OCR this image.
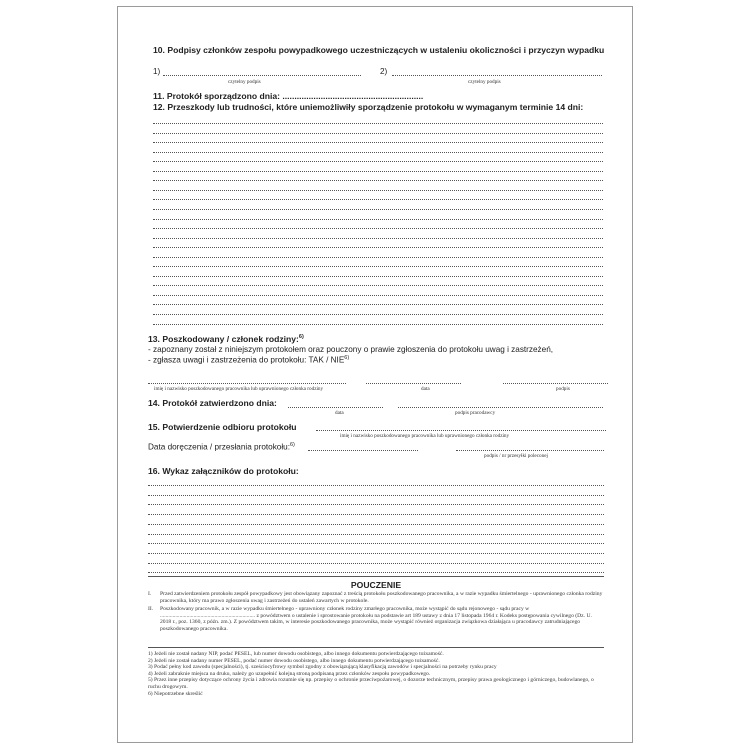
10. Podpisy członków zespołu powypadkowego uczestniczących w ustaleniu okoliczności i przyczyn wypadku
1)
czytelny podpis
2)
czytelny podpis
11. Protokół sporządzono dnia: ...........................................................
12. Przeszkody lub trudności, które uniemożliwiły sporządzenie protokołu w wymaganym terminie 14 dni:
13. Poszkodowany / członek rodziny:$^{6)}$
- zapoznany został z niniejszym protokołem oraz pouczony o prawie zgłoszenia do protokołu uwag i zastrzeżeń,
- zgłasza uwagi i zastrzeżenia do protokołu: TAK / NIE$^{6)}$
imię i nazwisko poszkodowanego pracownika lub uprawnionego członka rodziny	data	podpis
14. Protokół zatwierdzono dnia:
data	podpis pracodawcy
15. Potwierdzenie odbioru protokołu
imię i nazwisko poszkodowanego pracownika lub uprawnionego członka rodziny
Data doręczenia / przesłania protokołu:$^{6)}$
podpis / nr przesyłki poleconej
16. Wykaz załączników do protokołu:
POUCZENIE
I. Przed zatwierdzeniem protokołu zespół powypadkowy jest obowiązany zapoznać z treścią protokołu poszkodowanego pracownika, a w razie wypadku śmiertelnego - uprawnionego członka rodziny pracownika, który ma prawo zgłoszenia uwag i zastrzeżeń do ustaleń zawartych w protokole.
II. Poszkodowany pracownik, a w razie wypadku śmiertelnego - uprawniony członek rodziny zmarłego pracownika, może wystąpić do sądu rejonowego - sądu pracy w .................................................................... z powództwem o ustalenie i sprostowanie protokołu na podstawie art 189 ustawy z dnia 17 listopada 1964 r. Kodeks postępowania cywilnego (Dz. U. 2018 r., poz. 1360, z późn. zm.). Z powództwem takim, w interesie poszkodowanego pracownika, może wystąpić również organizacja związkowa działająca u pracodawcy zatrudniającego poszkodowanego pracownika.
1) Jeżeli nie został nadany NIP, podać PESEL, lub numer dowodu osobistego, albo innego dokumentu potwierdzającego tożsamość.
2) Jeżeli nie został nadany numer PESEL, podać numer dowodu osobistego, albo innego dokumentu potwierdzającego tożsamość.
3) Podać pełny kod zawodu (specjalności), tj. sześciocyfrowy symbol zgodny z obowiązującą klasyfikacją zawodów i specjalności na potrzeby rynku pracy
4) Jeżeli zabraknie miejsca na druku, należy go uzupełnić kolejną stroną podpisaną przez członków zespołu powypadkowego.
5) Przez inne przepisy dotyczące ochrony życia i zdrowia rozumie się np. przepisy o ochronie przeciwpożarowej, o dozorze technicznym, przepisy prawa geologicznego i górniczego, budowlanego, o ruchu drogowym.
6) Niepotrzebne skreślić
